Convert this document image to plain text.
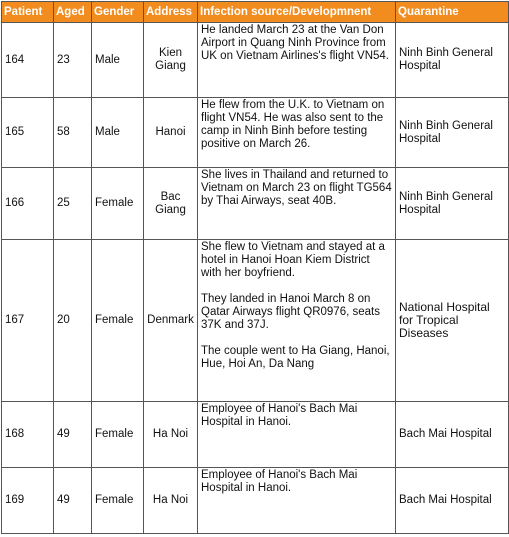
Patient	Aged	Gender	Address	Infection source/Developmnent	Quarantine
164	23	Male	Kien Giang	He landed March 23 at the Van Don Airport in Quang Ninh Province from UK on Vietnam Airlines's flight VN54.	Ninh Binh General Hospital
165	58	Male	Hanoi	He flew from the U.K. to Vietnam on flight VN54. He was also sent to the camp in Ninh Binh before testing positive on March 26.	Ninh Binh General Hospital
166	25	Female	Bac Giang	She lives in Thailand and returned to Vietnam on March 23 on flight TG564 by Thai Airways, seat 40B.	Ninh Binh General Hospital
167	20	Female	Denmark	She flew to Vietnam and stayed at a hotel in Hanoi Hoan Kiem District with her boyfriend.

They landed in Hanoi March 8 on Qatar Airways flight QR0976, seats 37K and 37J.

The couple went to Ha Giang, Hanoi, Hue, Hoi An, Da Nang	National Hospital for Tropical Diseases
168	49	Female	Ha Noi	Employee of Hanoi's Bach Mai Hospital in Hanoi.	Bach Mai Hospital
169	49	Female	Ha Noi	Employee of Hanoi's Bach Mai Hospital in Hanoi.	Bach Mai Hospital
